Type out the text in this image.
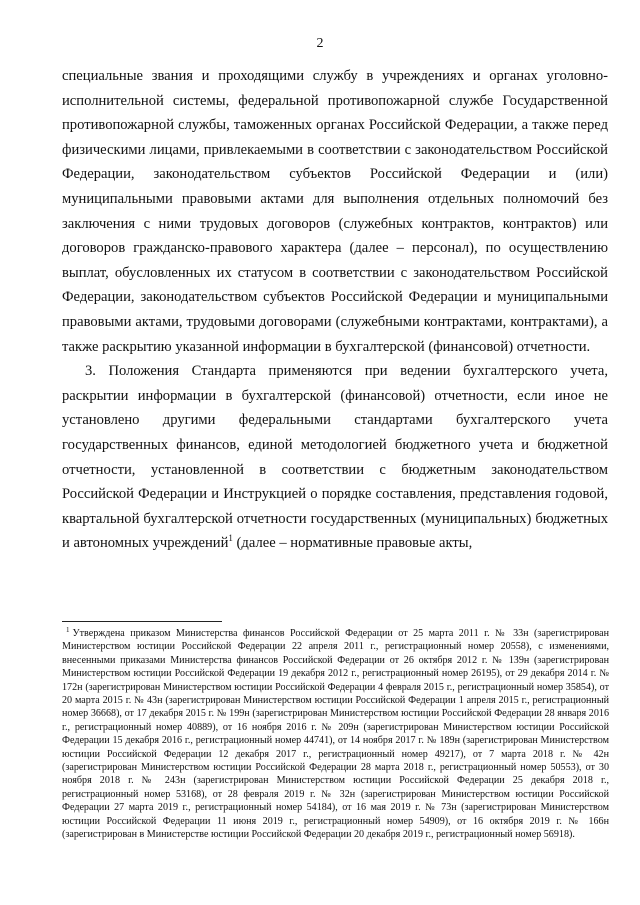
2

специальные звания и проходящими службу в учреждениях и органах уголовно-исполнительной системы, федеральной противопожарной службе Государственной противопожарной службы, таможенных органах Российской Федерации, а также перед физическими лицами, привлекаемыми в соответствии с законодательством Российской Федерации, законодательством субъектов Российской Федерации и (или) муниципальными правовыми актами для выполнения отдельных полномочий без заключения с ними трудовых договоров (служебных контрактов, контрактов) или договоров гражданско-правового характера (далее – персонал), по осуществлению выплат, обусловленных их статусом в соответствии с законодательством Российской Федерации, законодательством субъектов Российской Федерации и муниципальными правовыми актами, трудовыми договорами (служебными контрактами, контрактами), а также раскрытию указанной информации в бухгалтерской (финансовой) отчетности.

3. Положения Стандарта применяются при ведении бухгалтерского учета, раскрытии информации в бухгалтерской (финансовой) отчетности, если иное не установлено другими федеральными стандартами бухгалтерского учета государственных финансов, единой методологией бюджетного учета и бюджетной отчетности, установленной в соответствии с бюджетным законодательством Российской Федерации и Инструкцией о порядке составления, представления годовой, квартальной бухгалтерской отчетности государственных (муниципальных) бюджетных и автономных учреждений$^1$ (далее – нормативные правовые акты,

$^1$ Утверждена приказом Министерства финансов Российской Федерации от 25 марта 2011 г. № 33н (зарегистрирован Министерством юстиции Российской Федерации 22 апреля 2011 г., регистрационный номер 20558), с изменениями, внесенными приказами Министерства финансов Российской Федерации от 26 октября 2012 г. № 139н (зарегистрирован Министерством юстиции Российской Федерации 19 декабря 2012 г., регистрационный номер 26195), от 29 декабря 2014 г. № 172н (зарегистрирован Министерством юстиции Российской Федерации 4 февраля 2015 г., регистрационный номер 35854), от 20 марта 2015 г. № 43н (зарегистрирован Министерством юстиции Российской Федерации 1 апреля 2015 г., регистрационный номер 36668), от 17 декабря 2015 г. № 199н (зарегистрирован Министерством юстиции Российской Федерации 28 января 2016 г., регистрационный номер 40889), от 16 ноября 2016 г. № 209н (зарегистрирован Министерством юстиции Российской Федерации 15 декабря 2016 г., регистрационный номер 44741), от 14 ноября 2017 г. № 189н (зарегистрирован Министерством юстиции Российской Федерации 12 декабря 2017 г., регистрационный номер 49217), от 7 марта 2018 г. № 42н (зарегистрирован Министерством юстиции Российской Федерации 28 марта 2018 г., регистрационный номер 50553), от 30 ноября 2018 г. № 243н (зарегистрирован Министерством юстиции Российской Федерации 25 декабря 2018 г., регистрационный номер 53168), от 28 февраля 2019 г. № 32н (зарегистрирован Министерством юстиции Российской Федерации 27 марта 2019 г., регистрационный номер 54184), от 16 мая 2019 г. № 73н (зарегистрирован Министерством юстиции Российской Федерации 11 июня 2019 г., регистрационный номер 54909), от 16 октября 2019 г. № 166н (зарегистрирован в Министерстве юстиции Российской Федерации 20 декабря 2019 г., регистрационный номер 56918).
